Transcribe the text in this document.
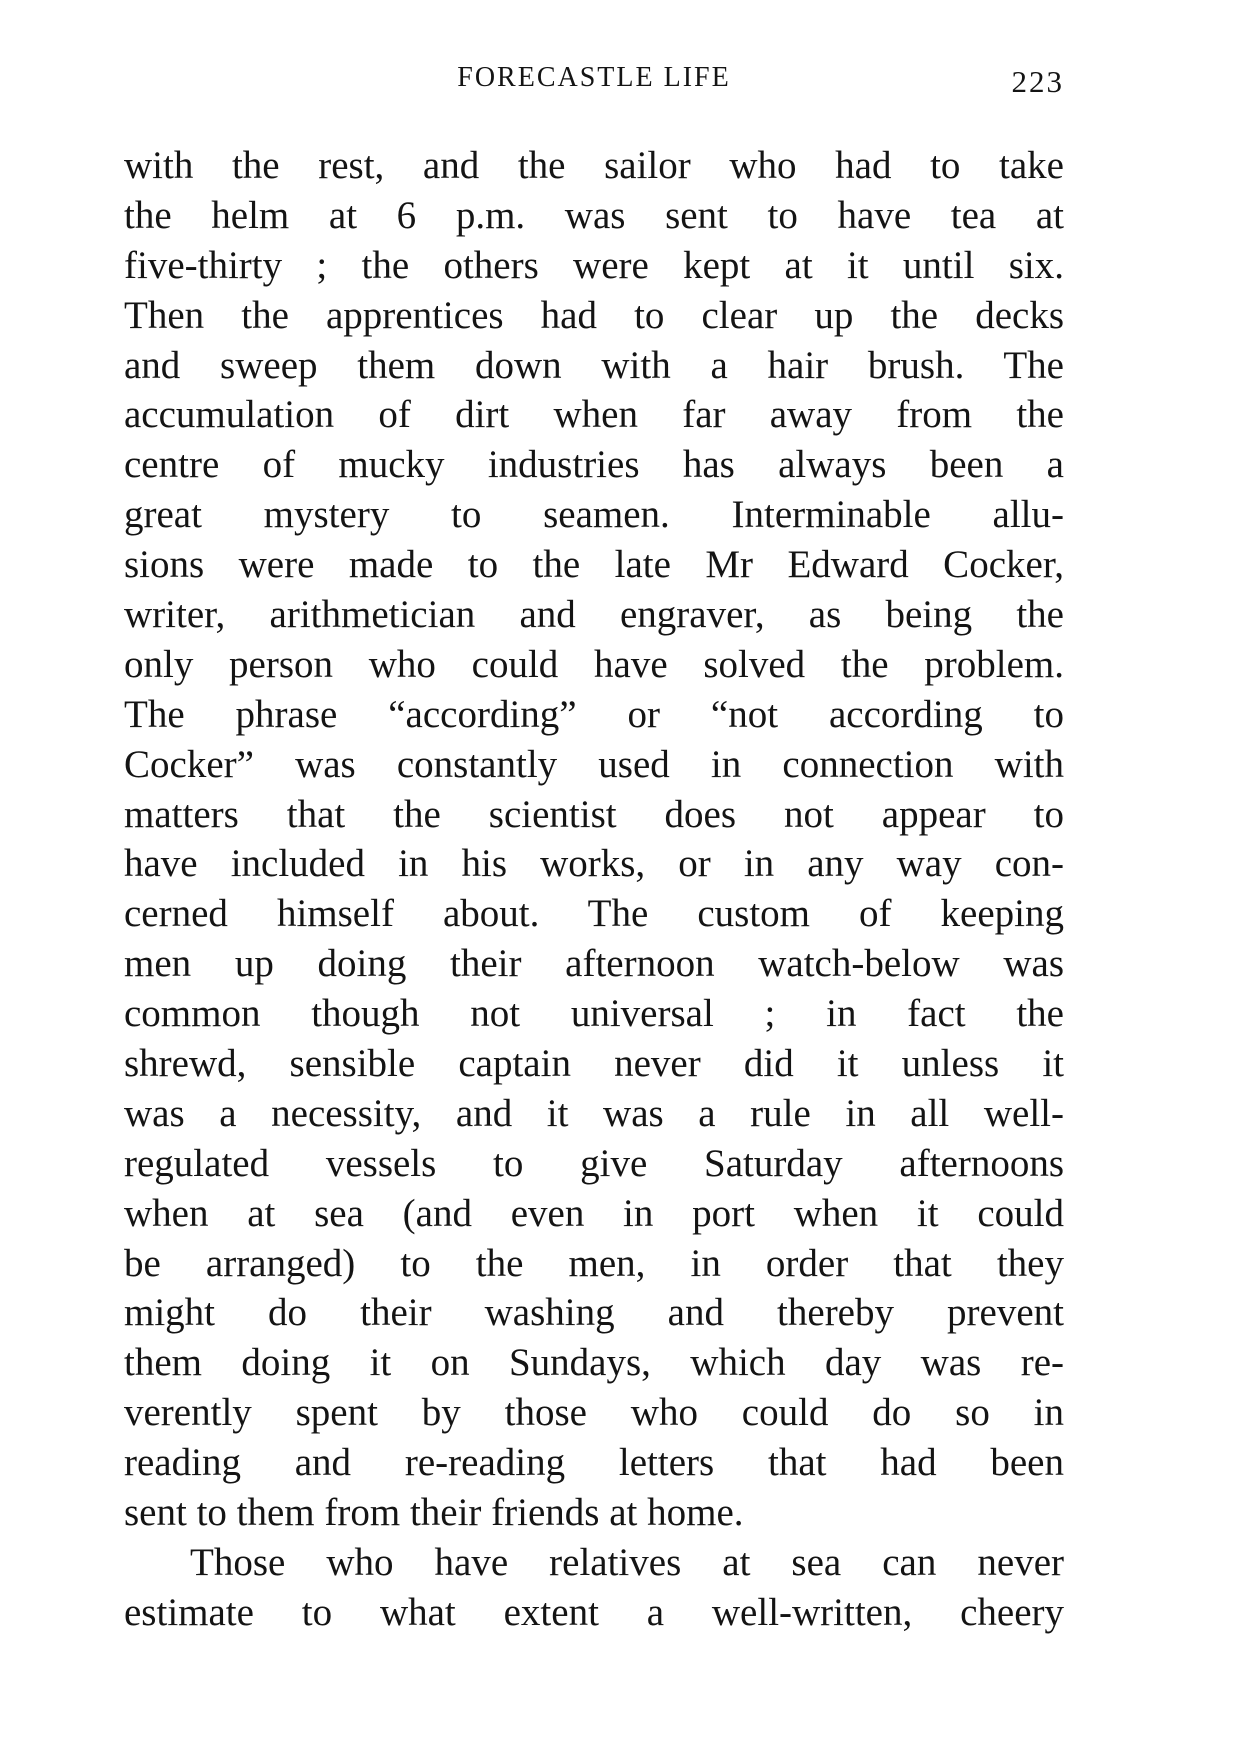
FORECASTLE LIFE	223
with the rest, and the sailor who had to take
the helm at 6 p.m. was sent to have tea at
five-thirty ; the others were kept at it until six.
Then the apprentices had to clear up the decks
and sweep them down with a hair brush. The
accumulation of dirt when far away from the
centre of mucky industries has always been a
great mystery to seamen. Interminable allu-
sions were made to the late Mr Edward Cocker,
writer, arithmetician and engraver, as being the
only person who could have solved the problem.
The phrase “according” or “not according to
Cocker” was constantly used in connection with
matters that the scientist does not appear to
have included in his works, or in any way con-
cerned himself about. The custom of keeping
men up doing their afternoon watch-below was
common though not universal ; in fact the
shrewd, sensible captain never did it unless it
was a necessity, and it was a rule in all well-
regulated vessels to give Saturday afternoons
when at sea (and even in port when it could
be arranged) to the men, in order that they
might do their washing and thereby prevent
them doing it on Sundays, which day was re-
verently spent by those who could do so in
reading and re-reading letters that had been
sent to them from their friends at home.
Those who have relatives at sea can never
estimate to what extent a well-written, cheery
